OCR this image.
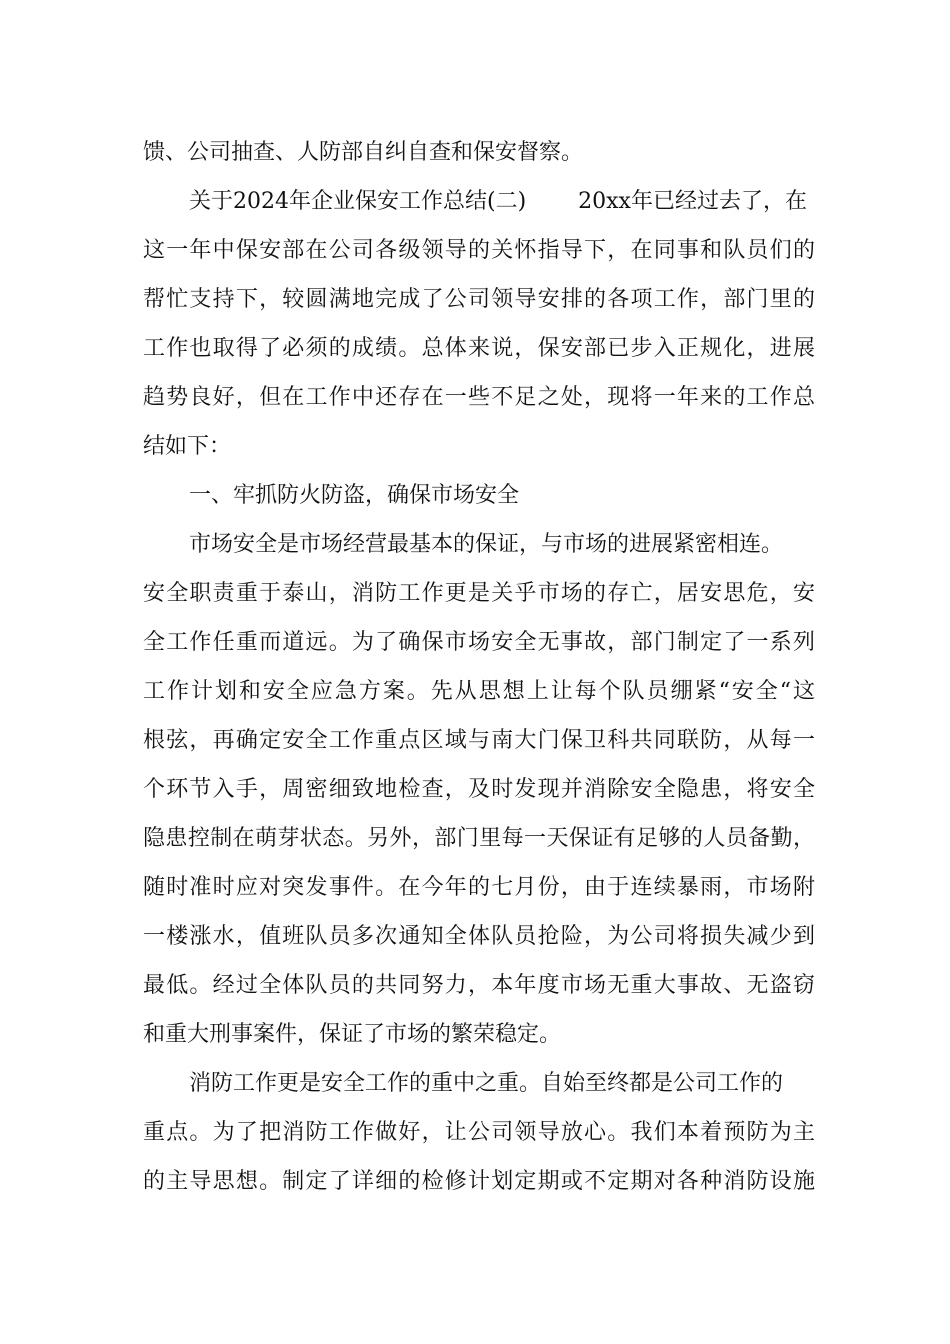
馈、公司抽查、人防部自纠自查和保安督察。
关于2024年企业保安工作总结(二) 20xx年已经过去了，在
这一年中保安部在公司各级领导的关怀指导下，在同事和队员们的
帮忙支持下，较圆满地完成了公司领导安排的各项工作，部门里的
工作也取得了必须的成绩。总体来说，保安部已步入正规化，进展
趋势良好，但在工作中还存在一些不足之处，现将一年来的工作总
结如下：
一、牢抓防火防盗，确保市场安全
市场安全是市场经营最基本的保证，与市场的进展紧密相连。
安全职责重于泰山，消防工作更是关乎市场的存亡，居安思危，安
全工作任重而道远。为了确保市场安全无事故，部门制定了一系列
工作计划和安全应急方案。先从思想上让每个队员绷紧“安全“这
根弦，再确定安全工作重点区域与南大门保卫科共同联防，从每一
个环节入手，周密细致地检查，及时发现并消除安全隐患，将安全
隐患控制在萌芽状态。另外，部门里每一天保证有足够的人员备勤，
随时准时应对突发事件。在今年的七月份，由于连续暴雨，市场附
一楼涨水，值班队员多次通知全体队员抢险，为公司将损失减少到
最低。经过全体队员的共同努力，本年度市场无重大事故、无盗窃
和重大刑事案件，保证了市场的繁荣稳定。
消防工作更是安全工作的重中之重。自始至终都是公司工作的
重点。为了把消防工作做好，让公司领导放心。我们本着预防为主
的主导思想。制定了详细的检修计划定期或不定期对各种消防设施
